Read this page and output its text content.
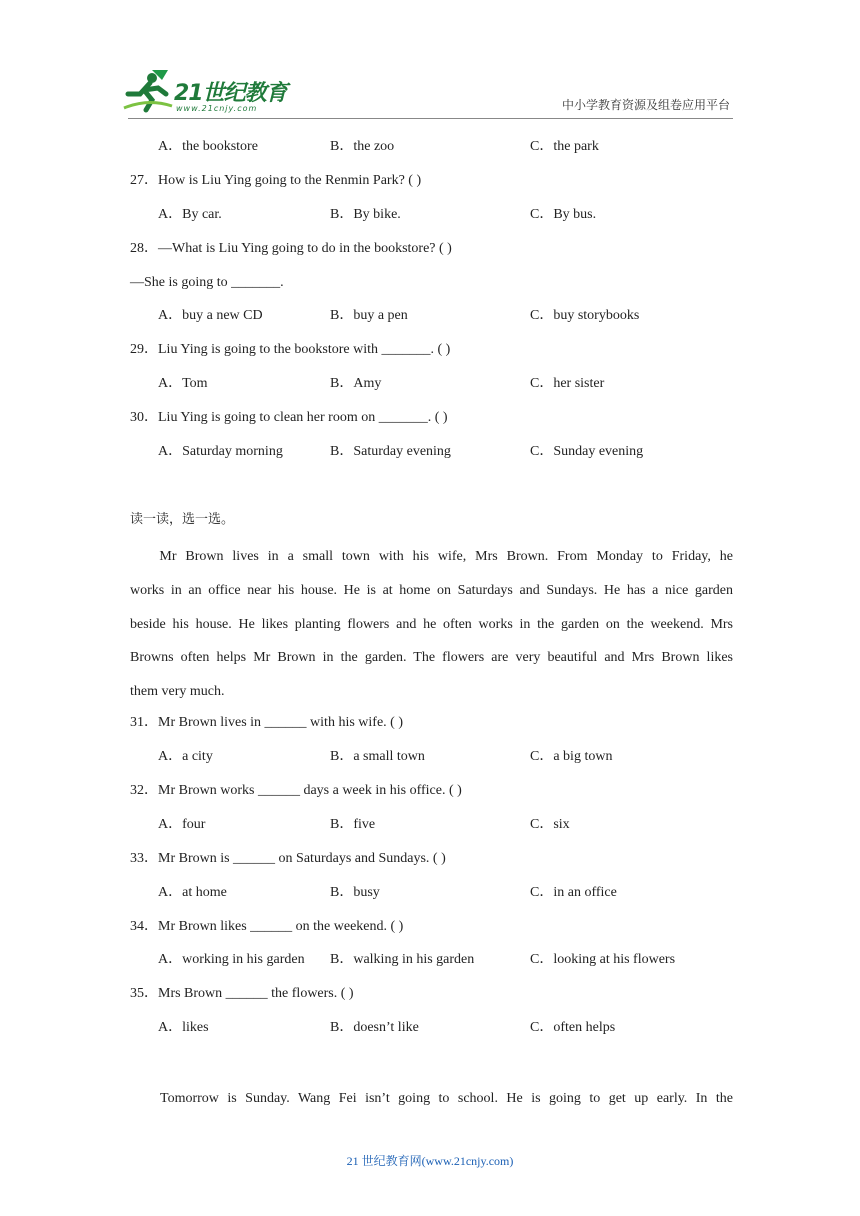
21世纪教育
www.21cnjy.com	中小学教育资源及组卷应用平台
A．the bookstore	B．the zoo	C．the park
27．How is Liu Ying going to the Renmin Park? ( )
A．By car.	B．By bike.	C．By bus.
28．—What is Liu Ying going to do in the bookstore? ( )
—She is going to _______.
A．buy a new CD	B．buy a pen	C．buy storybooks
29．Liu Ying is going to the bookstore with _______. ( )
A．Tom	B．Amy	C．her sister
30．Liu Ying is going to clean her room on _______. ( )
A．Saturday morning	B．Saturday evening	C．Sunday evening
读一读，选一选。
Mr Brown lives in a small town with his wife, Mrs Brown. From Monday to Friday, he
works in an office near his house. He is at home on Saturdays and Sundays. He has a nice garden
beside his house. He likes planting flowers and he often works in the garden on the weekend. Mrs
Browns often helps Mr Brown in the garden. The flowers are very beautiful and Mrs Brown likes
them very much.
31．Mr Brown lives in ______ with his wife. ( )
A．a city	B．a small town	C．a big town
32．Mr Brown works ______ days a week in his office. ( )
A．four	B．five	C．six
33．Mr Brown is ______ on Saturdays and Sundays. ( )
A．at home	B．busy	C．in an office
34．Mr Brown likes ______ on the weekend. ( )
A．working in his garden B．walking in his garden	C．looking at his flowers
35．Mrs Brown ______ the flowers. ( )
A．likes	B．doesn’t like	C．often helps
Tomorrow is Sunday. Wang Fei isn’t going to school. He is going to get up early. In the
21 世纪教育网(www.21cnjy.com)
